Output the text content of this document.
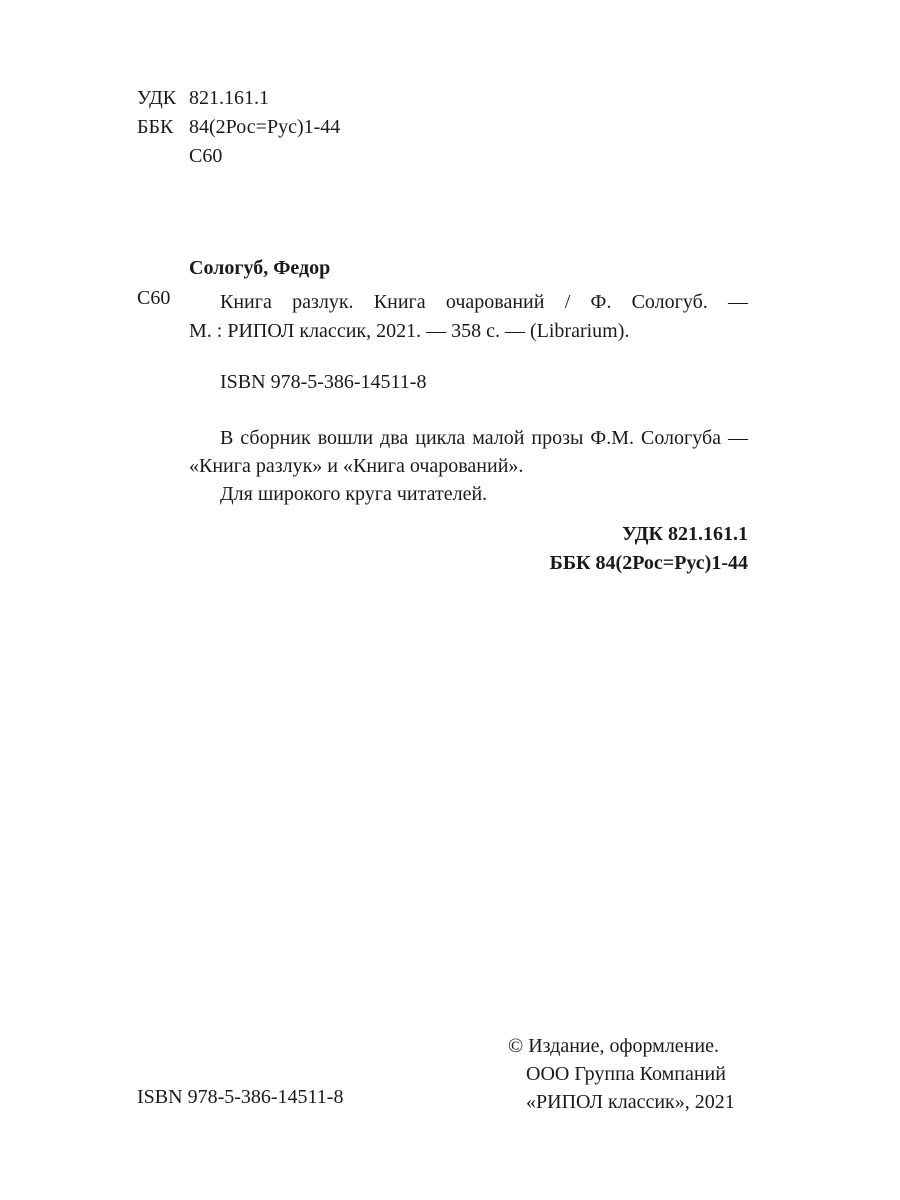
УДК 821.161.1
ББК 84(2Рос=Рус)1-44
С60
Сологуб, Федор
С60	Книга разлук. Книга очарований / Ф. Сологуб. —
М. : РИПОЛ классик, 2021. — 358 с. — (Librarium).
ISBN 978-5-386-14511-8
В сборник вошли два цикла малой прозы Ф.М. Сологуба —
«Книга разлук» и «Книга очарований».
Для широкого круга читателей.
УДК 821.161.1
ББК 84(2Рос=Рус)1-44
ISBN 978-5-386-14511-8
© Издание, оформление.
ООО Группа Компаний
«РИПОЛ классик», 2021
